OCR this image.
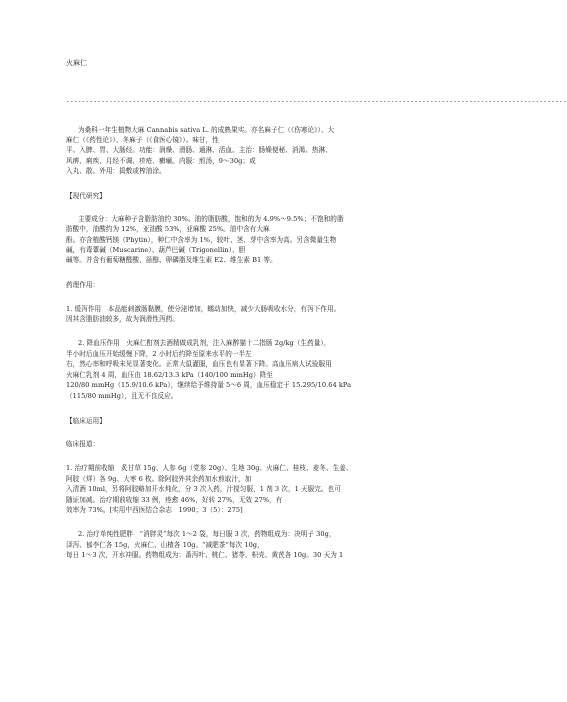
火麻仁
--------------------------------------------------------------------------------------------------------------------------------
为桑科一年生植物大麻 Cannabis sativa L. 的成熟果实。亦名麻子仁（《伤寒论》）、大
麻仁（《药性论》）、冬麻子（《食医心镜》）。味甘，性
平。入脾、胃、大肠经。功能：润燥、滑肠、通淋、活血。主治：肠燥便秘、消渴、热淋、
风痹、痢疾、月经不调、疥疮、癣癞。内服：煎汤，9～30g；或
入丸、散。外用：捣敷或榨油涂。
【现代研究】
主要成分：大麻种子含脂肪油约 30%。油的脂肪酸，饱和的为 4.9%～9.5%；不饱和的脂
肪酸中，油酸约为 12%，亚油酸 53%，亚麻酸 25%。油中含有大麻
酚。亦含植酸钙镁（Phytin），种仁中含率为 1%，较叶、茎、芽中含率为高。另含微量生物
碱，有毒蕈碱（Muscarine）、葫芦巴碱（Trigonellin）、胆
碱等。并含有葡萄糖醛酸、甾醇、卵磷脂及维生素 E2、维生素 B1 等。
药理作用：
1. 缓泻作用　本品能刺激肠黏膜，使分泌增加，蠕动加快，减少大肠吸收水分，有泻下作用。
因其含脂肪油较多，故为润滑性泻药。
2. 降血压作用　火麻仁酊剂去酒精做成乳剂，注入麻醉猫十二指肠 2g/kg（生药量），
半小时后血压开始缓慢下降，2 小时后约降至原来水平的一半左
右，然心率和呼吸未见显著变化。正常大鼠灌服，血压也有显著下降。高血压病人试验服用
火麻仁乳剂 4 周，血压由 18.62/13.3 kPa（140/100 mmHg）降至
120/80 mmHg（15.9/10.6 kPa），继续给予维持量 5～6 周，血压稳定于 15.295/10.64 kPa
（115/80 mmHg），且无不良反应。
【临床运用】
临床报道：
1. 治疗期前收缩　炙甘草 15g、人参 6g（党参 20g）、生地 30g、火麻仁、桂枝、麦冬、生姜、
阿胶（烊）各 9g、大枣 6 枚。除阿胶外其余药加水煎取汁，加
入清酒 10ml，另将阿胶略加开水炖化，分 3 次入药，汁搅匀服，1 剂 3 次，1 天服完。也可
随证加减。治疗期前收缩 33 例，痊愈 46%，好转 27%，无效 27%，有
效率为 73%。[实用中西医结合杂志　1990；3（5）：275]
2. 治疗单纯性肥胖　“消胖灵”每次 1～2 袋，每日服 3 次，药物组成为：决明子 30g，
泽泻、郁李仁各 15g，火麻仁、山楂各 10g。“减肥茶”每次 10g，
每日 1～3 次，开水冲服。药物组成为：番泻叶、桃仁、猪苓、枳壳、黄芪各 10g。30 天为 1
